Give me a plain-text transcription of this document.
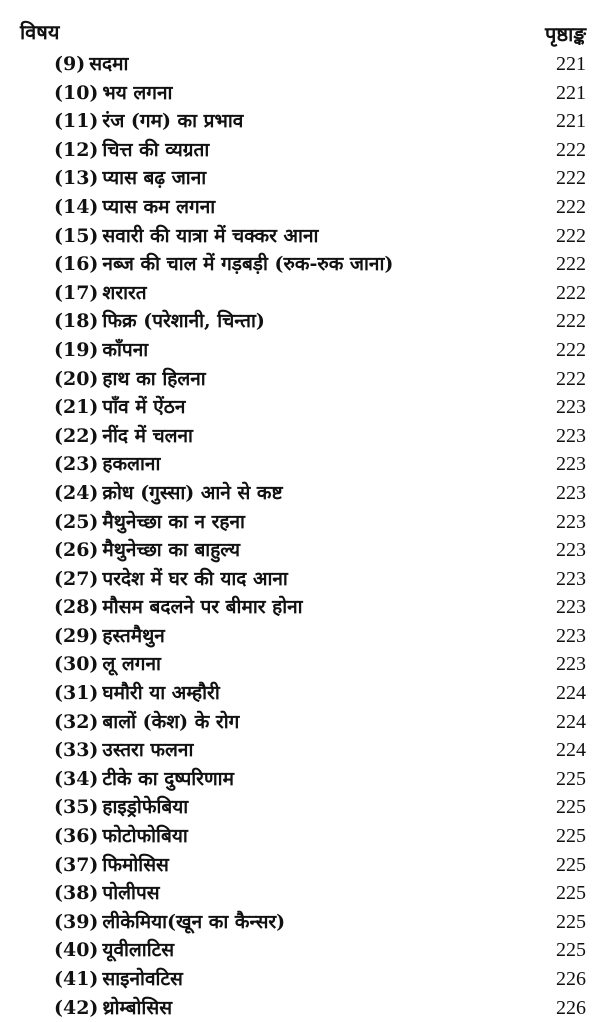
विषय	पृष्ठाङ्क
(9) सदमा	221
(10) भय लगना	221
(11) रंज (गम) का प्रभाव	221
(12) चित्त की व्यग्रता	222
(13) प्यास बढ़ जाना	222
(14) प्यास कम लगना	222
(15) सवारी की यात्रा में चक्कर आना	222
(16) नब्ज की चाल में गड़बड़ी (रुक-रुक जाना)	222
(17) शरारत	222
(18) फिक्र (परेशानी, चिन्ता)	222
(19) काँपना	222
(20) हाथ का हिलना	222
(21) पाँव में ऐंठन	223
(22) नींद में चलना	223
(23) हकलाना	223
(24) क्रोध (गुस्सा) आने से कष्ट	223
(25) मैथुनेच्छा का न रहना	223
(26) मैथुनेच्छा का बाहुल्य	223
(27) परदेश में घर की याद आना	223
(28) मौसम बदलने पर बीमार होना	223
(29) हस्तमैथुन	223
(30) लू लगना	223
(31) घमौरी या अम्हौरी	224
(32) बालों (केश) के रोग	224
(33) उस्तरा फलना	224
(34) टीके का दुष्परिणाम	225
(35) हाइड्रोफेबिया	225
(36) फोटोफोबिया	225
(37) फिमोसिस	225
(38) पोलीपस	225
(39) लीकेमिया(खून का कैन्सर)	225
(40) यूवीलाटिस	225
(41) साइनोवटिस	226
(42) थ्रोम्बोसिस	226
